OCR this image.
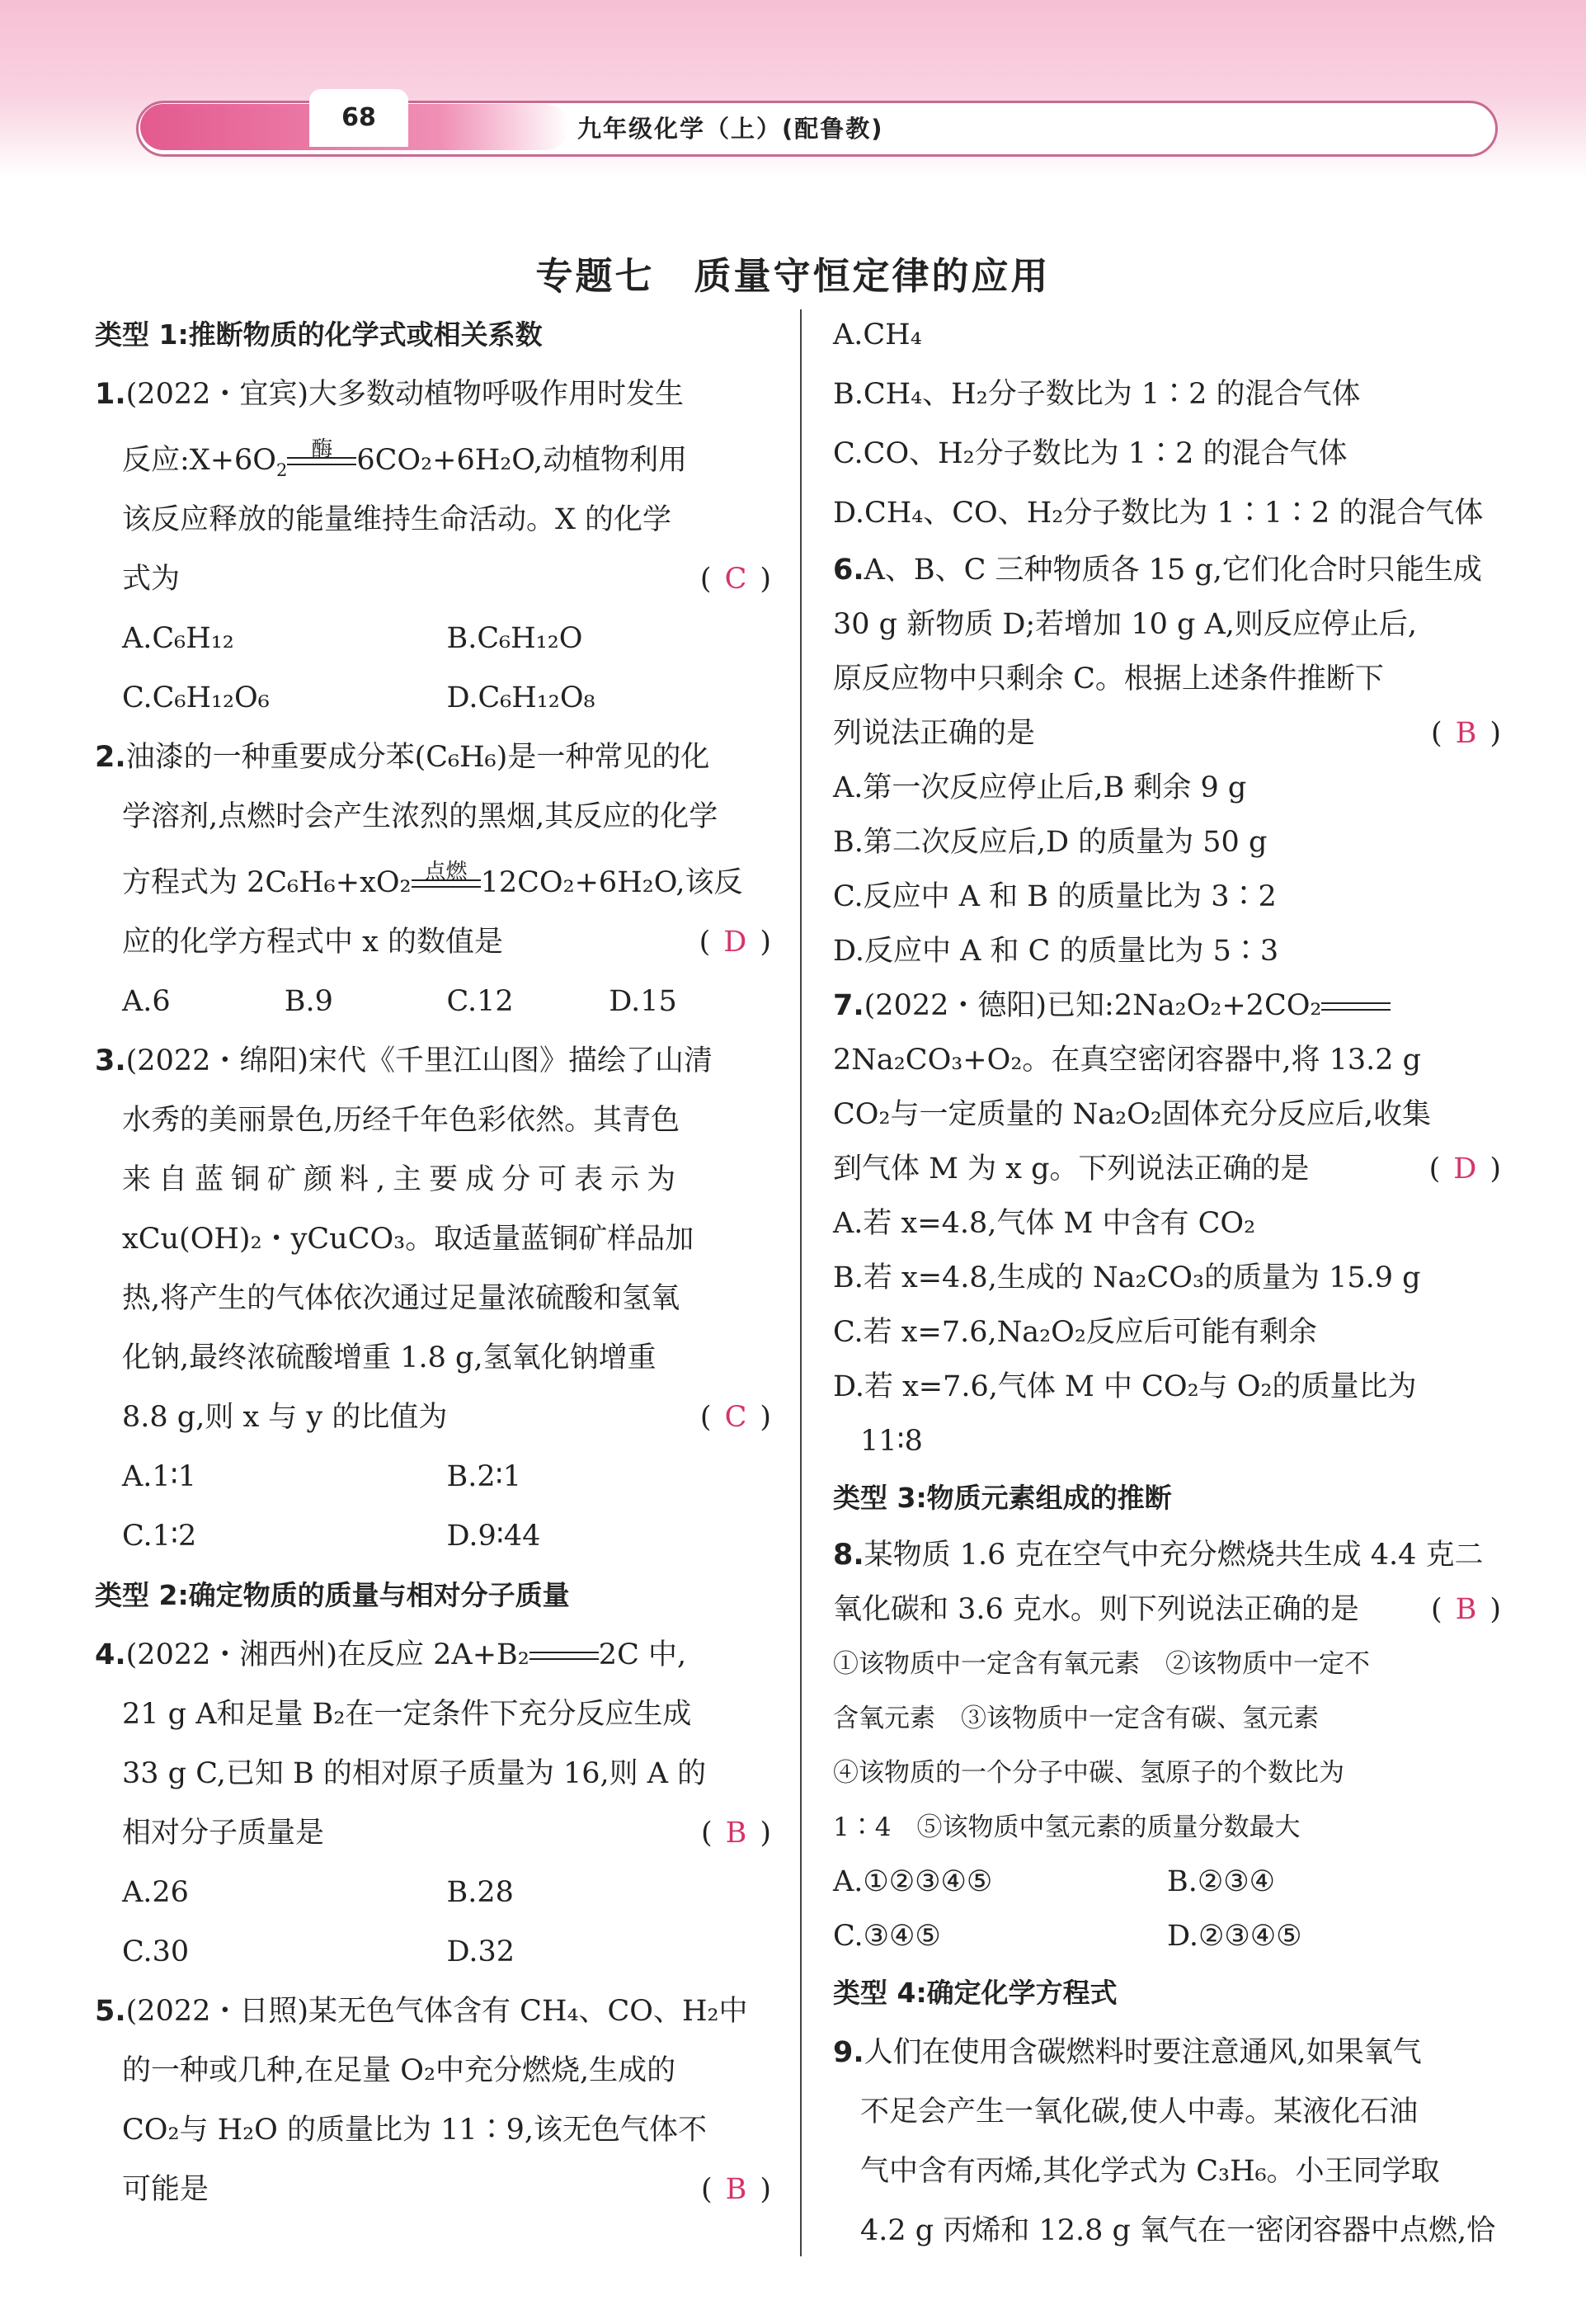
68	九年级化学（上）(配鲁教)
专题七　质量守恒定律的应用
类型 1:推断物质的化学式或相关系数
1.(2022・宜宾)大多数动植物呼吸作用时发生
反应$:X+6O_2$
酶 6CO₂+6H₂O,动植物利用
该反应释放的能量维持生命活动。X 的化学
式为	( C )
A.C₆H₁₂	B.C₆H₁₂O
C.C₆H₁₂O₆	D.C₆H₁₂O₈
2.油漆的一种重要成分苯(C₆H₆)是一种常见的化
学溶剂,点燃时会产生浓烈的黑烟,其反应的化学
方程式为 2C₆H₆+xO₂ 点燃 12CO₂+6H₂O,该反
应的化学方程式中 x 的数值是	( D )
A.6	B.9	C.12	D.15
3.(2022・绵阳)宋代《千里江山图》描绘了山清
水秀的美丽景色,历经千年色彩依然。其青色
来自蓝铜矿颜料,主要成分可表示为
xCu(OH)₂・yCuCO₃。取适量蓝铜矿样品加
热,将产生的气体依次通过足量浓硫酸和氢氧
化钠,最终浓硫酸增重 1.8 g,氢氧化钠增重
8.8 g,则 x 与 y 的比值为	( C )
A.1∶1	B.2∶1
C.1∶2	D.9∶44
类型 2:确定物质的质量与相对分子质量
4.(2022・湘西州)在反应 2A+B₂ 2C 中,
21 g A和足量 B₂在一定条件下充分反应生成
33 g C,已知 B 的相对原子质量为 16,则 A 的
相对分子质量是	( B )
A.26	B.28
C.30	D.32
5.(2022・日照)某无色气体含有 CH₄、CO、H₂中
的一种或几种,在足量 O₂中充分燃烧,生成的
CO₂与 H₂O 的质量比为 11∶9,该无色气体不
可能是	( B )
A.CH₄
B.CH₄、H₂分子数比为 1∶2 的混合气体
C.CO、H₂分子数比为 1∶2 的混合气体
D.CH₄、CO、H₂分子数比为 1∶1∶2 的混合气体
6.A、B、C 三种物质各 15 g,它们化合时只能生成
30 g 新物质 D;若增加 10 g A,则反应停止后,
原反应物中只剩余 C。根据上述条件推断下
列说法正确的是	( B )
A.第一次反应停止后,B 剩余 9 g
B.第二次反应后,D 的质量为 50 g
C.反应中 A 和 B 的质量比为 3∶2
D.反应中 A 和 C 的质量比为 5∶3
7.(2022・德阳)已知:2Na₂O₂+2CO₂
2Na₂CO₃+O₂。在真空密闭容器中,将 13.2 g
CO₂与一定质量的 Na₂O₂固体充分反应后,收集
到气体 M 为 x g。下列说法正确的是	( D )
A.若 x=4.8,气体 M 中含有 CO₂
B.若 x=4.8,生成的 Na₂CO₃的质量为 15.9 g
C.若 x=7.6,Na₂O₂反应后可能有剩余
D.若 x=7.6,气体 M 中 CO₂与 O₂的质量比为
11∶8
类型 3:物质元素组成的推断
8.某物质 1.6 克在空气中充分燃烧共生成 4.4 克二
氧化碳和 3.6 克水。则下列说法正确的是 ( B )
①该物质中一定含有氧元素　②该物质中一定不
含氧元素　③该物质中一定含有碳、氢元素
④该物质的一个分子中碳、氢原子的个数比为
1∶4　⑤该物质中氢元素的质量分数最大
A.①②③④⑤	B.②③④
C.③④⑤	D.②③④⑤
类型 4:确定化学方程式
9.人们在使用含碳燃料时要注意通风,如果氧气
不足会产生一氧化碳,使人中毒。某液化石油
气中含有丙烯,其化学式为 C₃H₆。小王同学取
4.2 g 丙烯和 12.8 g 氧气在一密闭容器中点燃,恰
